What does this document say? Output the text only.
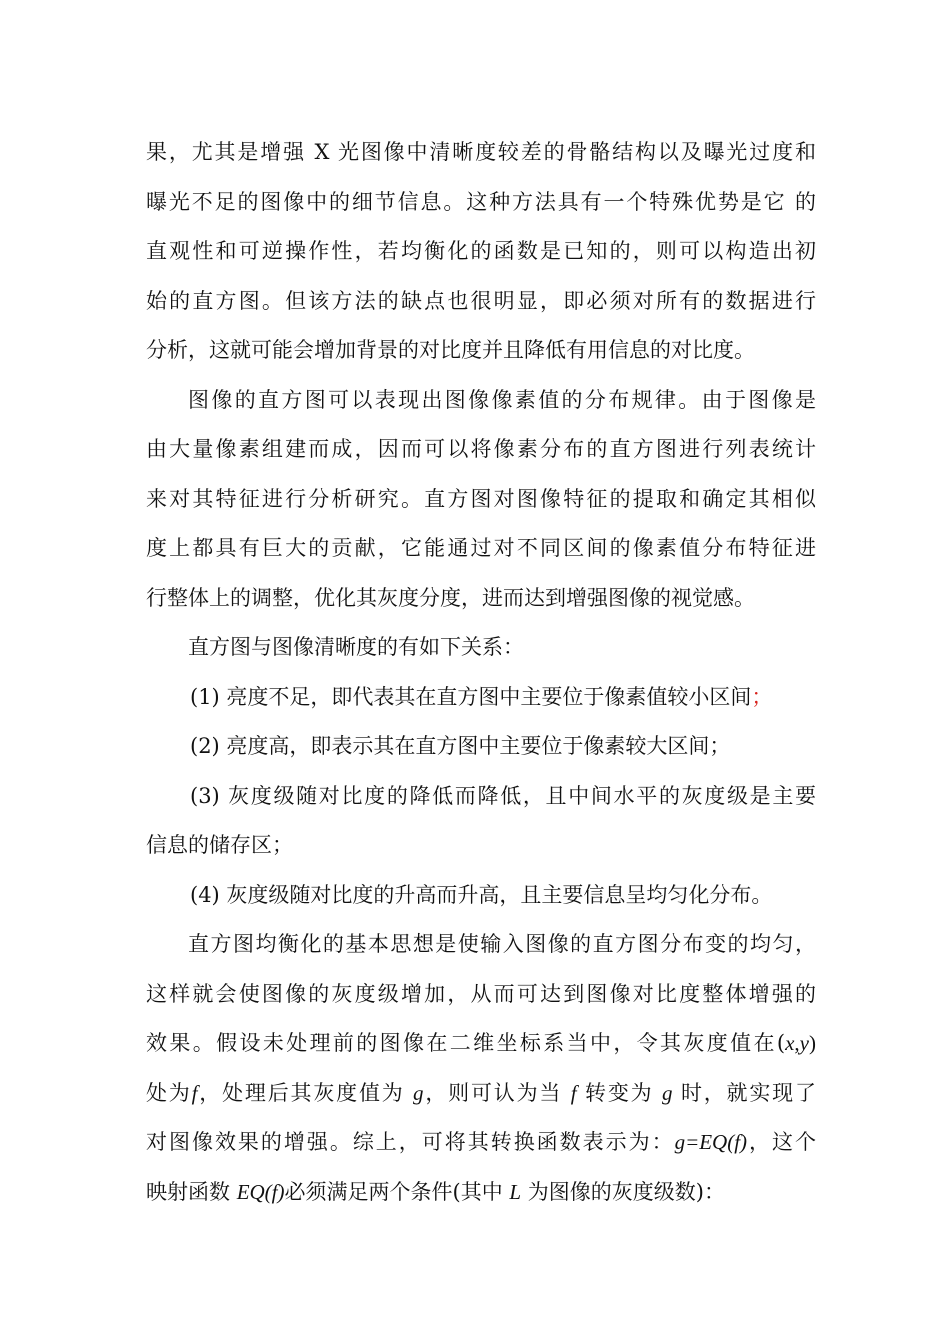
果，尤其是增强 X 光图像中清晰度较差的骨骼结构以及曝光过度和
曝光不足的图像中的细节信息。这种方法具有一个特殊优势是它 的
直观性和可逆操作性，若均衡化的函数是已知的，则可以构造出初
始的直方图。但该方法的缺点也很明显，即必须对所有的数据进行
分析，这就可能会增加背景的对比度并且降低有用信息的对比度。
图像的直方图可以表现出图像像素值的分布规律。由于图像是
由大量像素组建而成，因而可以将像素分布的直方图进行列表统计
来对其特征进行分析研究。直方图对图像特征的提取和确定其相似
度上都具有巨大的贡献，它能通过对不同区间的像素值分布特征进
行整体上的调整，优化其灰度分度，进而达到增强图像的视觉感。
直方图与图像清晰度的有如下关系：
(1) 亮度不足，即代表其在直方图中主要位于像素值较小区间；
(2) 亮度高，即表示其在直方图中主要位于像素较大区间；
(3) 灰度级随对比度的降低而降低，且中间水平的灰度级是主要
信息的储存区；
(4) 灰度级随对比度的升高而升高，且主要信息呈均匀化分布。
直方图均衡化的基本思想是使输入图像的直方图分布变的均匀，
这样就会使图像的灰度级增加，从而可达到图像对比度整体增强的
效果。假设未处理前的图像在二维坐标系当中，令其灰度值在(x,y)
处为f，处理后其灰度值为 g，则可认为当 f 转变为 g 时，就实现了
对图像效果的增强。综上，可将其转换函数表示为：g=EQ(f)，这个
映射函数 EQ(f)必须满足两个条件(其中 L 为图像的灰度级数)：
